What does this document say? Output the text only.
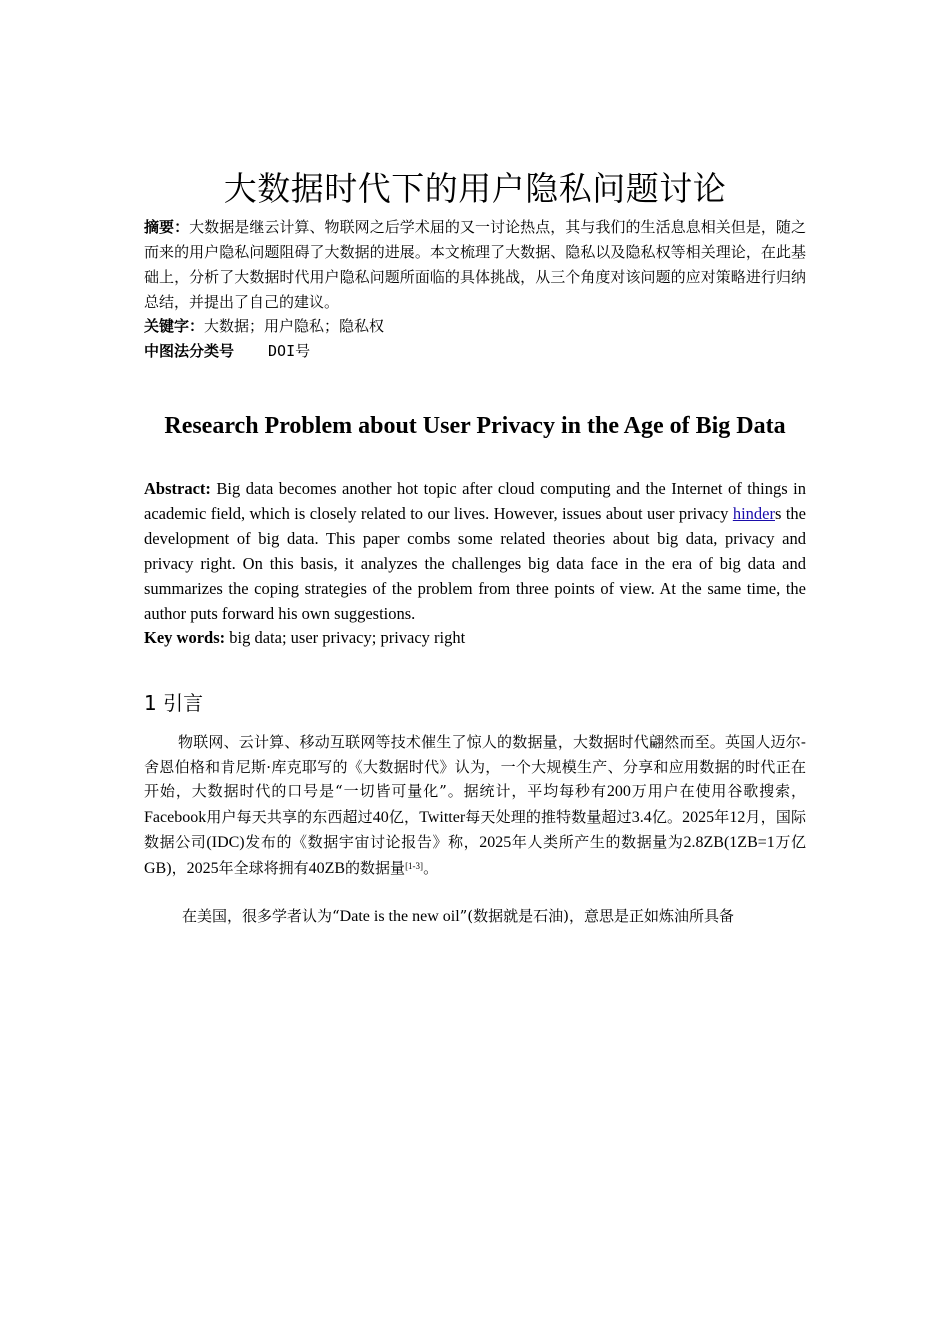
大数据时代下的用户隐私问题讨论
摘要：大数据是继云计算、物联网之后学术届的又一讨论热点，其与我们的生活息息相关但是，随之而来的用户隐私问题阻碍了大数据的进展。本文梳理了大数据、隐私以及隐私权等相关理论，在此基础上，分析了大数据时代用户隐私问题所面临的具体挑战，从三个角度对该问题的应对策略进行归纳总结，并提出了自己的建议。
关键字：大数据；用户隐私；隐私权
中图法分类号 DOI号
Research Problem about User Privacy in the Age of Big Data
Abstract: Big data becomes another hot topic after cloud computing and the Internet of things in academic field, which is closely related to our lives. However, issues about user privacy hinders the development of big data. This paper combs some related theories about big data, privacy and privacy right. On this basis, it analyzes the challenges big data face in the era of big data and summarizes the coping strategies of the problem from three points of view. At the same time, the author puts forward his own suggestions.
Key words: big data; user privacy; privacy right
1 引言
物联网、云计算、移动互联网等技术催生了惊人的数据量，大数据时代翩然而至。英国人迈尔-舍恩伯格和肯尼斯·库克耶写的《大数据时代》认为，一个大规模生产、分享和应用数据的时代正在开始，大数据时代的口号是“一切皆可量化”。据统计，平均每秒有200万用户在使用谷歌搜索，Facebook用户每天共享的东西超过40亿，Twitter每天处理的推特数量超过3.4亿。2025年12月，国际数据公司(IDC)发布的《数据宇宙讨论报告》称，2025年人类所产生的数据量为2.8ZB(1ZB=1万亿GB)，2025年全球将拥有40ZB的数据量[1-3]。
在美国，很多学者认为“Date is the new oil”(数据就是石油)，意思是正如炼油所具备
